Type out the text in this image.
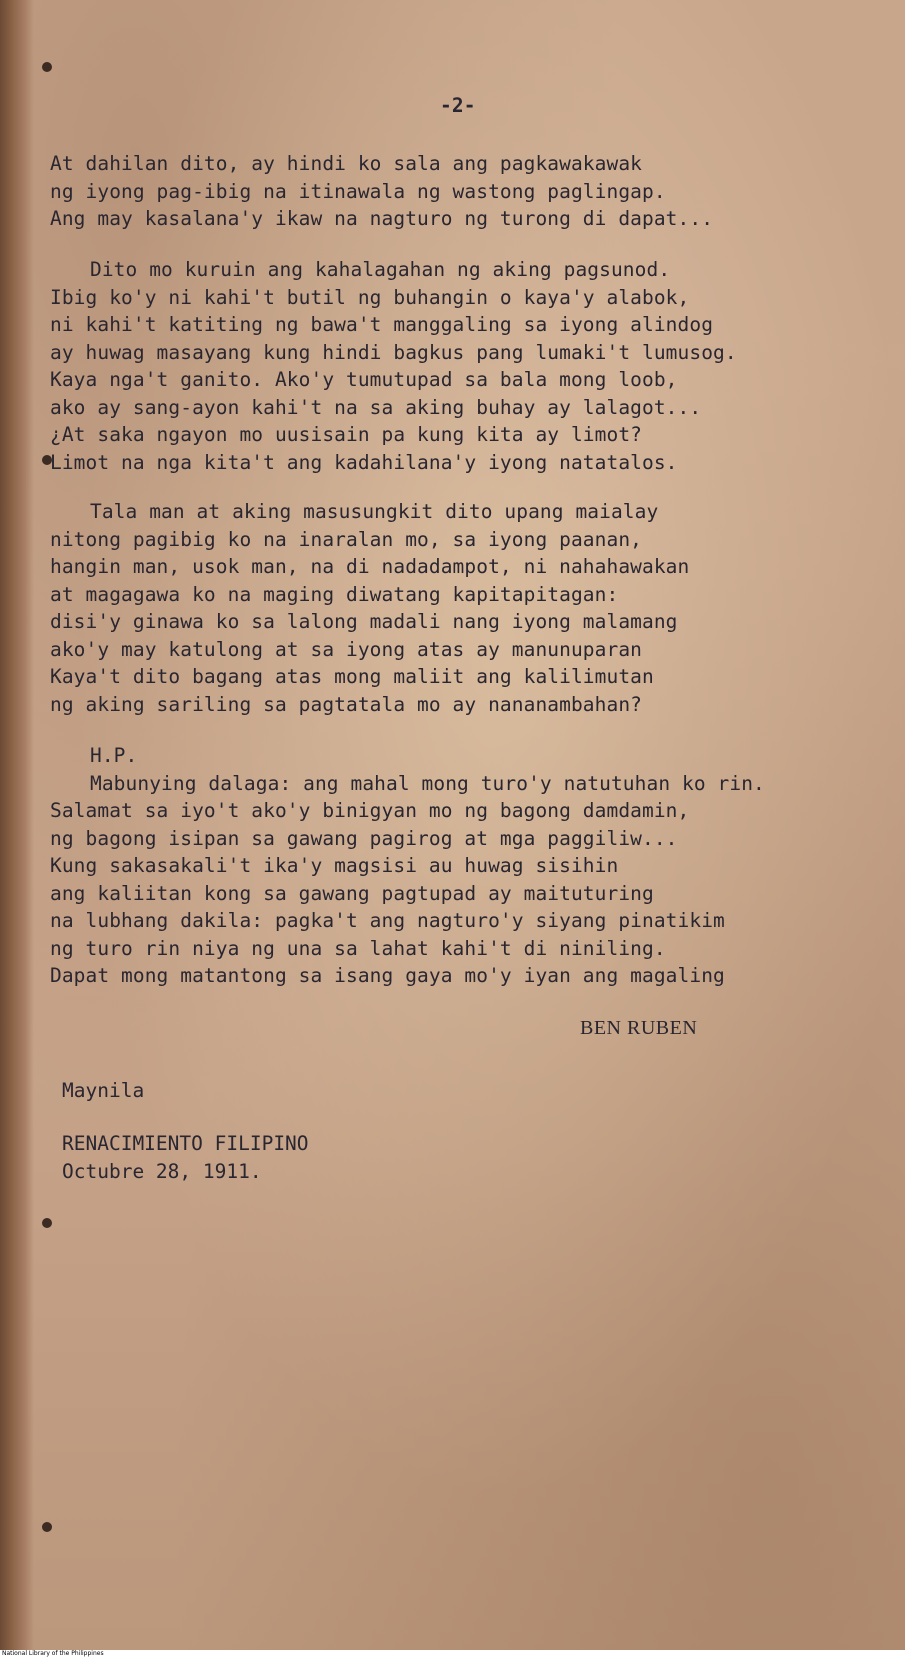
-2-
At dahilan dito, ay hindi ko sala ang pagkawakawak
ng iyong pag-ibig na itinawala ng wastong paglingap.
Ang may kasalana'y ikaw na nagturo ng turong di dapat...
Dito mo kuruin ang kahalagahan ng aking pagsunod.
Ibig ko'y ni kahi't butil ng buhangin o kaya'y alabok,
ni kahi't katiting ng bawa't manggaling sa iyong alindog
ay huwag masayang kung hindi bagkus pang lumaki't lumusog.
Kaya nga't ganito. Ako'y tumutupad sa bala mong loob,
ako ay sang-ayon kahi't na sa aking buhay ay lalagot...
¿At saka ngayon mo uusisain pa kung kita ay limot?
Limot na nga kita't ang kadahilana'y iyong natatalos.
Tala man at aking masusungkit dito upang maialay
nitong pagibig ko na inaralan mo, sa iyong paanan,
hangin man, usok man, na di nadadampot, ni nahahawakan
at magagawa ko na maging diwatang kapitapitagan:
disi'y ginawa ko sa lalong madali nang iyong malamang
ako'y may katulong at sa iyong atas ay manunuparan
Kaya't dito bagang atas mong maliit ang kalilimutan
ng aking sariling sa pagtatala mo ay nananambahan?
H.P.
Mabunying dalaga: ang mahal mong turo'y natutuhan ko rin.
Salamat sa iyo't ako'y binigyan mo ng bagong damdamin,
ng bagong isipan sa gawang pagirog at mga paggiliw...
Kung sakasakali't ika'y magsisi au huwag sisihin
ang kaliitan kong sa gawang pagtupad ay maituturing
na lubhang dakila: pagka't ang nagturo'y siyang pinatikim
ng turo rin niya ng una sa lahat kahi't di niniling.
Dapat mong matantong sa isang gaya mo'y iyan ang magaling
BEN RUBEN
Maynila
RENACIMIENTO FILIPINO
Octubre 28, 1911.
National Library of the Philippines
